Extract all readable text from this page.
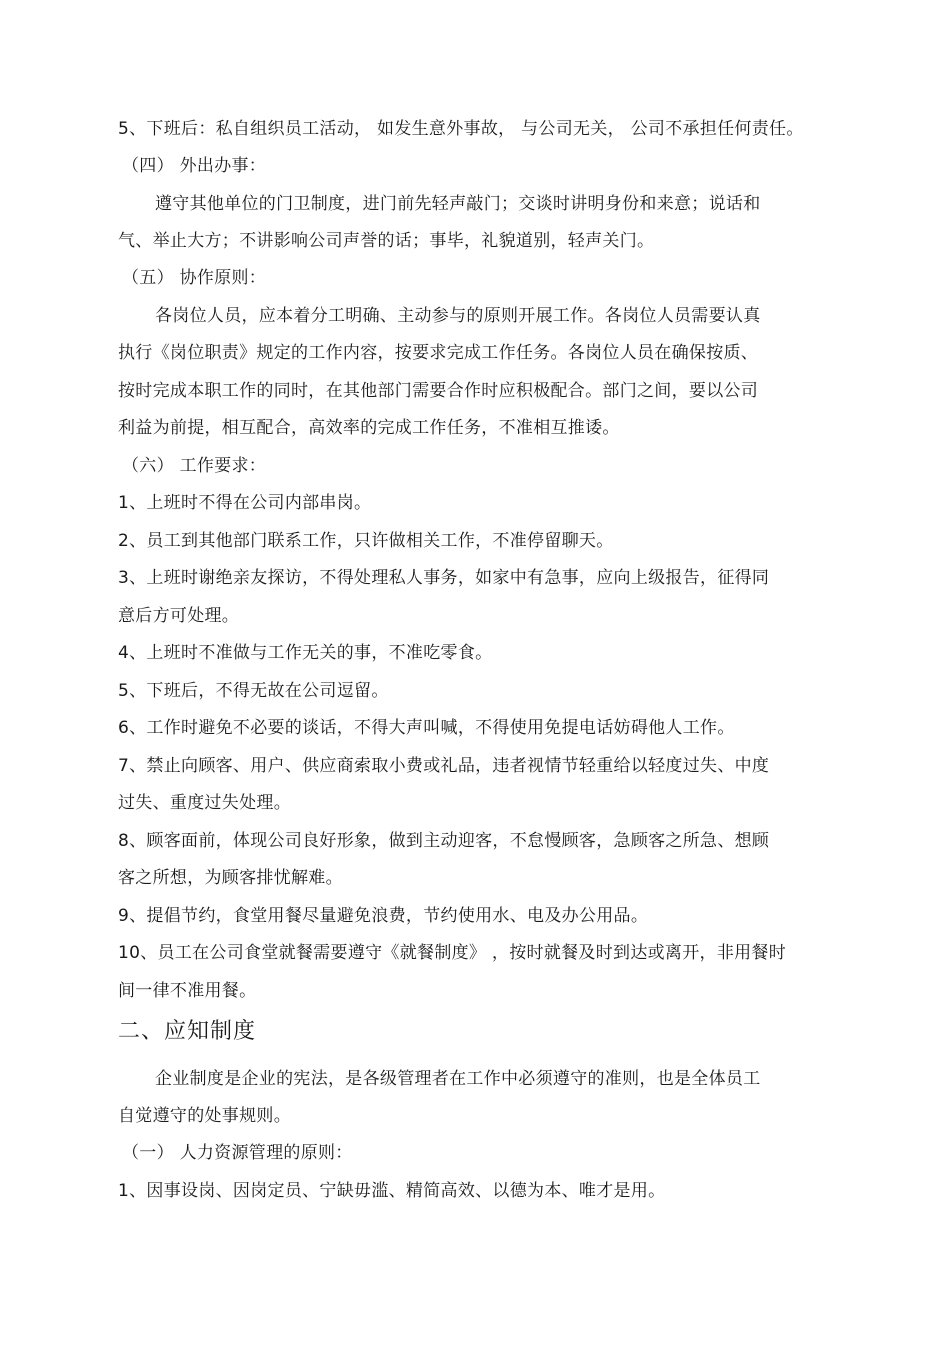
5、下班后：私自组织员工活动， 如发生意外事故， 与公司无关， 公司不承担任何责任。
（四） 外出办事：
遵守其他单位的门卫制度，进门前先轻声敲门；交谈时讲明身份和来意；说话和
气、举止大方；不讲影响公司声誉的话；事毕，礼貌道别，轻声关门。
（五） 协作原则：
各岗位人员，应本着分工明确、主动参与的原则开展工作。各岗位人员需要认真
执行《岗位职责》规定的工作内容，按要求完成工作任务。各岗位人员在确保按质、
按时完成本职工作的同时，在其他部门需要合作时应积极配合。部门之间，要以公司
利益为前提，相互配合，高效率的完成工作任务，不准相互推诿。
（六） 工作要求：
1、上班时不得在公司内部串岗。
2、员工到其他部门联系工作，只许做相关工作，不准停留聊天。
3、上班时谢绝亲友探访，不得处理私人事务，如家中有急事，应向上级报告，征得同
意后方可处理。
4、上班时不准做与工作无关的事，不准吃零食。
5、下班后，不得无故在公司逗留。
6、工作时避免不必要的谈话，不得大声叫喊，不得使用免提电话妨碍他人工作。
7、禁止向顾客、用户、供应商索取小费或礼品，违者视情节轻重给以轻度过失、中度
过失、重度过失处理。
8、顾客面前，体现公司良好形象，做到主动迎客，不怠慢顾客，急顾客之所急、想顾
客之所想，为顾客排忧解难。
9、提倡节约，食堂用餐尽量避免浪费，节约使用水、电及办公用品。
10、员工在公司食堂就餐需要遵守《就餐制度》 ，按时就餐及时到达或离开，非用餐时
间一律不准用餐。
二、应知制度
企业制度是企业的宪法，是各级管理者在工作中必须遵守的准则，也是全体员工
自觉遵守的处事规则。
（一） 人力资源管理的原则：
1、因事设岗、因岗定员、宁缺毋滥、精简高效、以德为本、唯才是用。
